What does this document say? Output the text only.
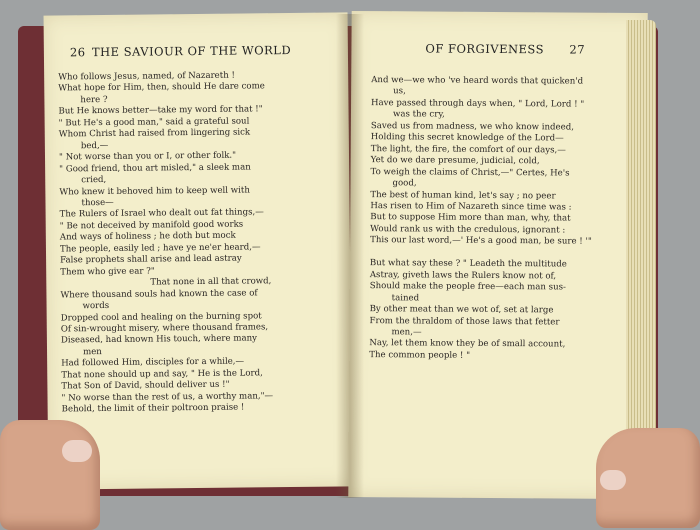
26 THE SAVIOUR OF THE WORLD
Who follows Jesus, named, of Nazareth !
What hope for Him, then, should He dare come
here ?
But He knows better—take my word for that !"
" But He's a good man," said a grateful soul
Whom Christ had raised from lingering sick
bed,—
" Not worse than you or I, or other folk."
" Good friend, thou art misled," a sleek man
cried,
Who knew it behoved him to keep well with
those—
The Rulers of Israel who dealt out fat things,—
" Be not deceived by manifold good works
And ways of holiness ; he doth but mock
The people, easily led ; have ye ne'er heard,—
False prophets shall arise and lead astray
Them who give ear ?"
That none in all that crowd,
Where thousand souls had known the case of
words
Dropped cool and healing on the burning spot
Of sin-wrought misery, where thousand frames,
Diseased, had known His touch, where many
men
Had followed Him, disciples for a while,—
That none should up and say, " He is the Lord,
That Son of David, should deliver us !"
" No worse than the rest of us, a worthy man,"—
Behold, the limit of their poltroon praise !
OF FORGIVENESS 27
And we—we who 've heard words that quicken'd
us,
Have passed through days when, " Lord, Lord ! "
was the cry,
Saved us from madness, we who know indeed,
Holding this secret knowledge of the Lord—
The light, the fire, the comfort of our days,—
Yet do we dare presume, judicial, cold,
To weigh the claims of Christ,—" Certes, He's
good,
The best of human kind, let's say ; no peer
Has risen to Him of Nazareth since time was :
But to suppose Him more than man, why, that
Would rank us with the credulous, ignorant :
This our last word,—' He's a good man, be sure ! '"
But what say these ? " Leadeth the multitude
Astray, giveth laws the Rulers know not of,
Should make the people free—each man sus-
tained
By other meat than we wot of, set at large
From the thraldom of those laws that fetter
men,—
Nay, let them know they be of small account,
The common people ! "
